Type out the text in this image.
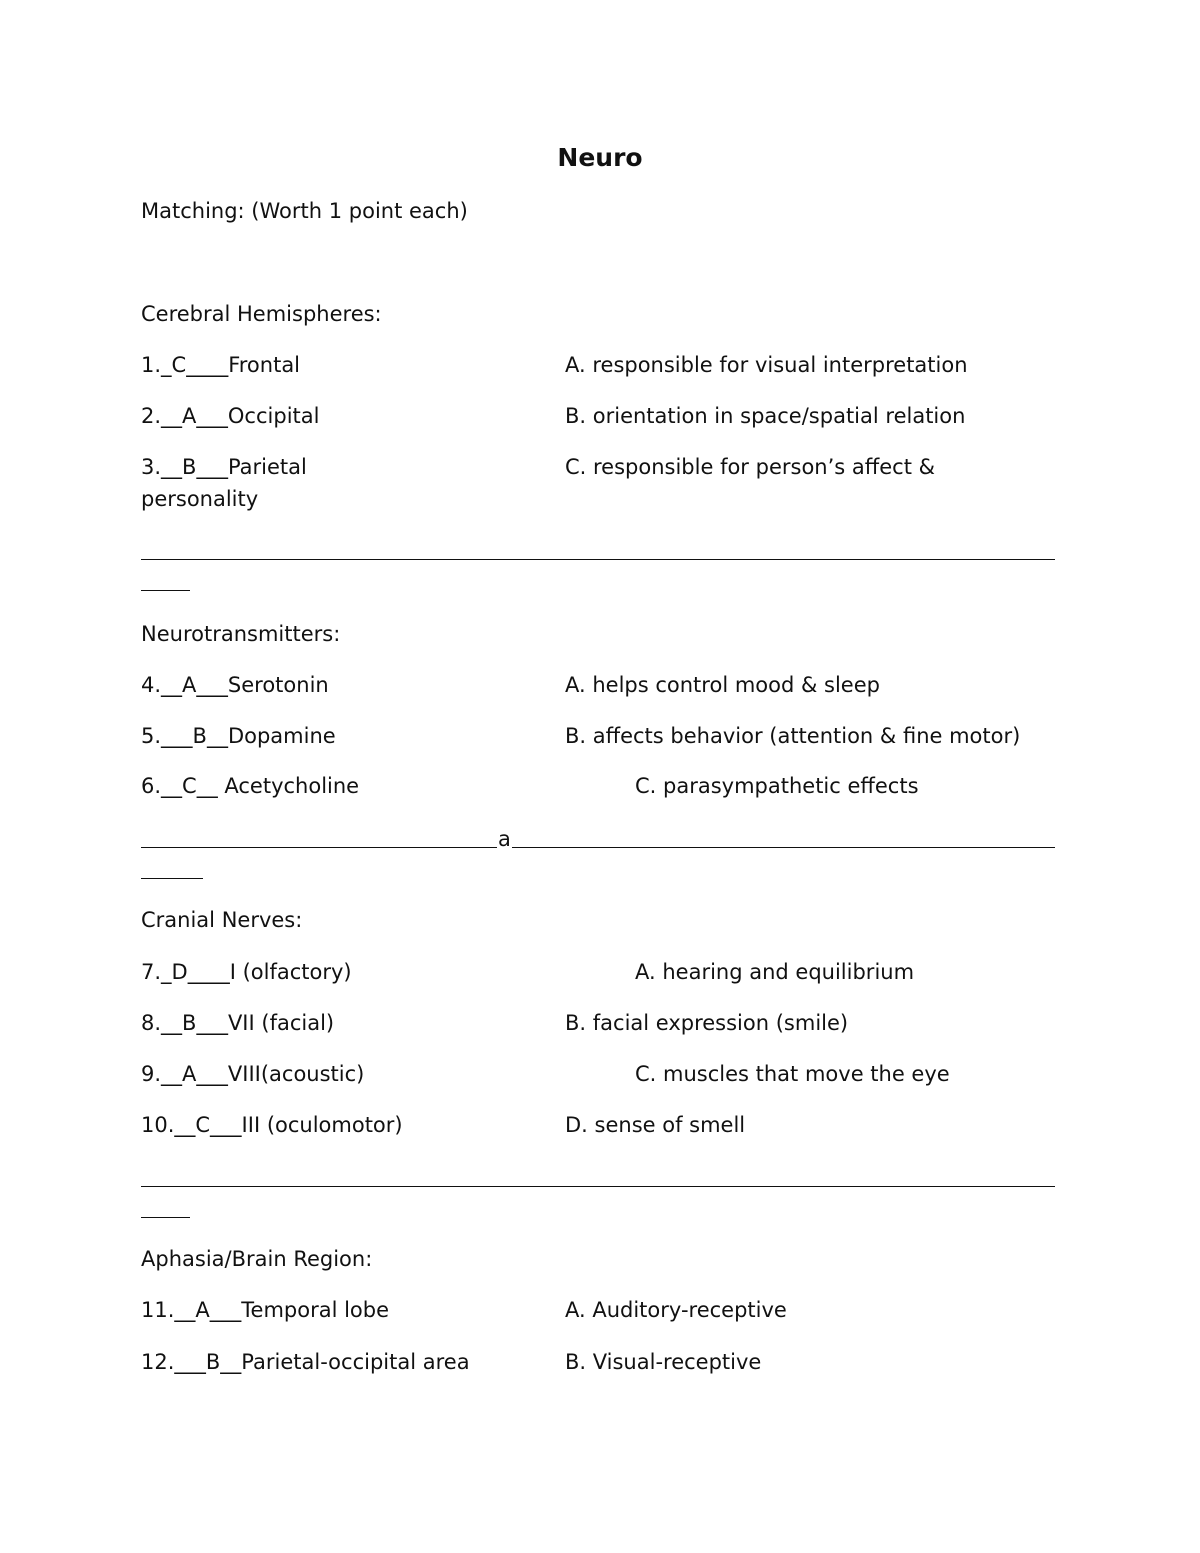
Neuro
Matching: (Worth 1 point each)
Cerebral Hemispheres:
1._C____Frontal	A. responsible for visual interpretation
2.__A___Occipital	B. orientation in space/spatial relation
3.__B___Parietal	C. responsible for person’s affect &
personality
Neurotransmitters:
4.__A___Serotonin	A. helps control mood & sleep
5.___B__Dopamine	B. affects behavior (attention & fine motor)
6.__C__ Acetycholine	C. parasympathetic effects
a
Cranial Nerves:
7._D____I (olfactory)	A. hearing and equilibrium
8.__B___VII (facial)	B. facial expression (smile)
9.__A___VIII(acoustic)	C. muscles that move the eye
10.__C___III (oculomotor)	D. sense of smell
Aphasia/Brain Region:
11.__A___Temporal lobe	A. Auditory-receptive
12.___B__Parietal-occipital area	B. Visual-receptive
